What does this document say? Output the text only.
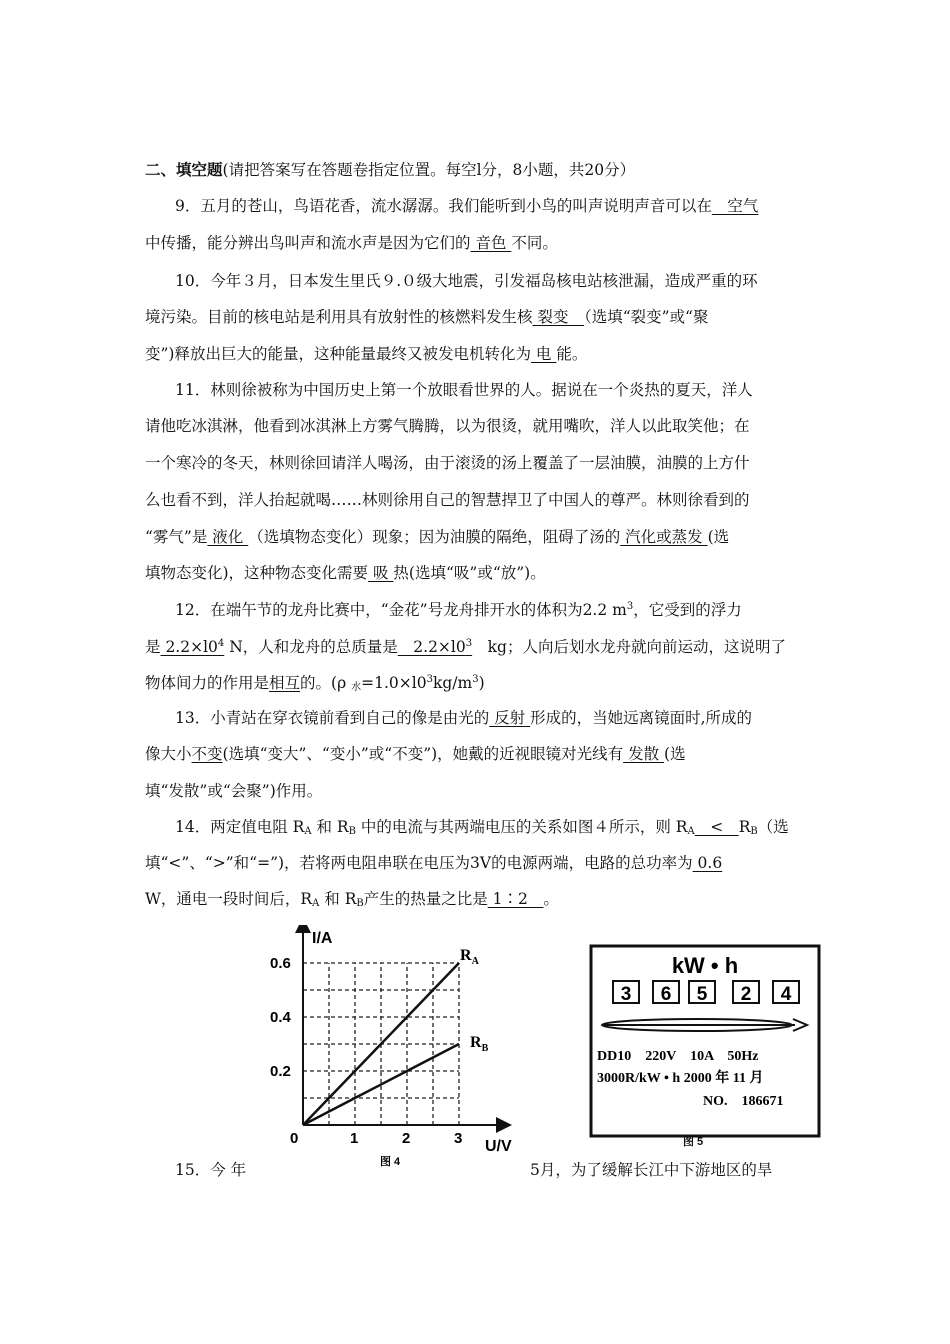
二、填空题(请把答案写在答题卷指定位置。每空l分，8小题，共20分）
9．五月的苍山，鸟语花香，流水潺潺。我们能听到小鸟的叫声说明声音可以在　空气
中传播，能分辨出鸟叫声和流水声是因为它们的 音色 不同。
10．今年３月，日本发生里氏９.０级大地震，引发福岛核电站核泄漏，造成严重的环
境污染。目前的核电站是利用具有放射性的核燃料发生核 裂变　（选填“裂变”或“聚
变”)释放出巨大的能量，这种能量最终又被发电机转化为 电 能。
11．林则徐被称为中国历史上第一个放眼看世界的人。据说在一个炎热的夏天，洋人
请他吃冰淇淋，他看到冰淇淋上方雾气腾腾，以为很烫，就用嘴吹，洋人以此取笑他；在
一个寒冷的冬天，林则徐回请洋人喝汤，由于滚烫的汤上覆盖了一层油膜，油膜的上方什
么也看不到，洋人抬起就喝……林则徐用自己的智慧捍卫了中国人的尊严。林则徐看到的
“雾气”是 液化 （选填物态变化）现象；因为油膜的隔绝，阻碍了汤的 汽化或蒸发 (选
填物态变化)，这种物态变化需要 吸 热(选填“吸”或“放”)。
12．在端午节的龙舟比赛中，“金花”号龙舟排开水的体积为2.2 $m^3$，它受到的浮力
是 $2.2\times l0^4$ N，人和龙舟的总质量是　$2.2\times l0^3$　kg；人向后划水龙舟就向前运动，这说明了
物体间力的作用是相互的。(ρ $_水=1.0\times l0^3kg/m^3$)
13．小青站在穿衣镜前看到自己的像是由光的 反射 形成的，当她远离镜面时,所成的
像大小不变(选填“变大”、“变小”或“不变”)，她戴的近视眼镜对光线有 发散 (选
填“发散”或“会聚”)作用。
14．两定值电阻 $R_A$ 和 $R_B$ 中的电流与其两端电压的关系如图４所示，则 $R_A$　<　$R_B$（选
填“<”、“>”和“=”)，若将两电阻串联在电压为3V的电源两端，电路的总功率为 0.6
W，通电一段时间后，$R_A$ 和 $R_B$产生的热量之比是 1∶2　。
I/A
U/V
0	1	2	3
0.2
0.4
0.6	$R_A$
$R_B$
图 4
kW • h
3 6 5 2 4
DD10　220V　10A　50Hz
3000R/kW • h 2000 年 11 月
NO.　186671
图 5
15．今 年	5月，为了缓解长江中下游地区的旱
